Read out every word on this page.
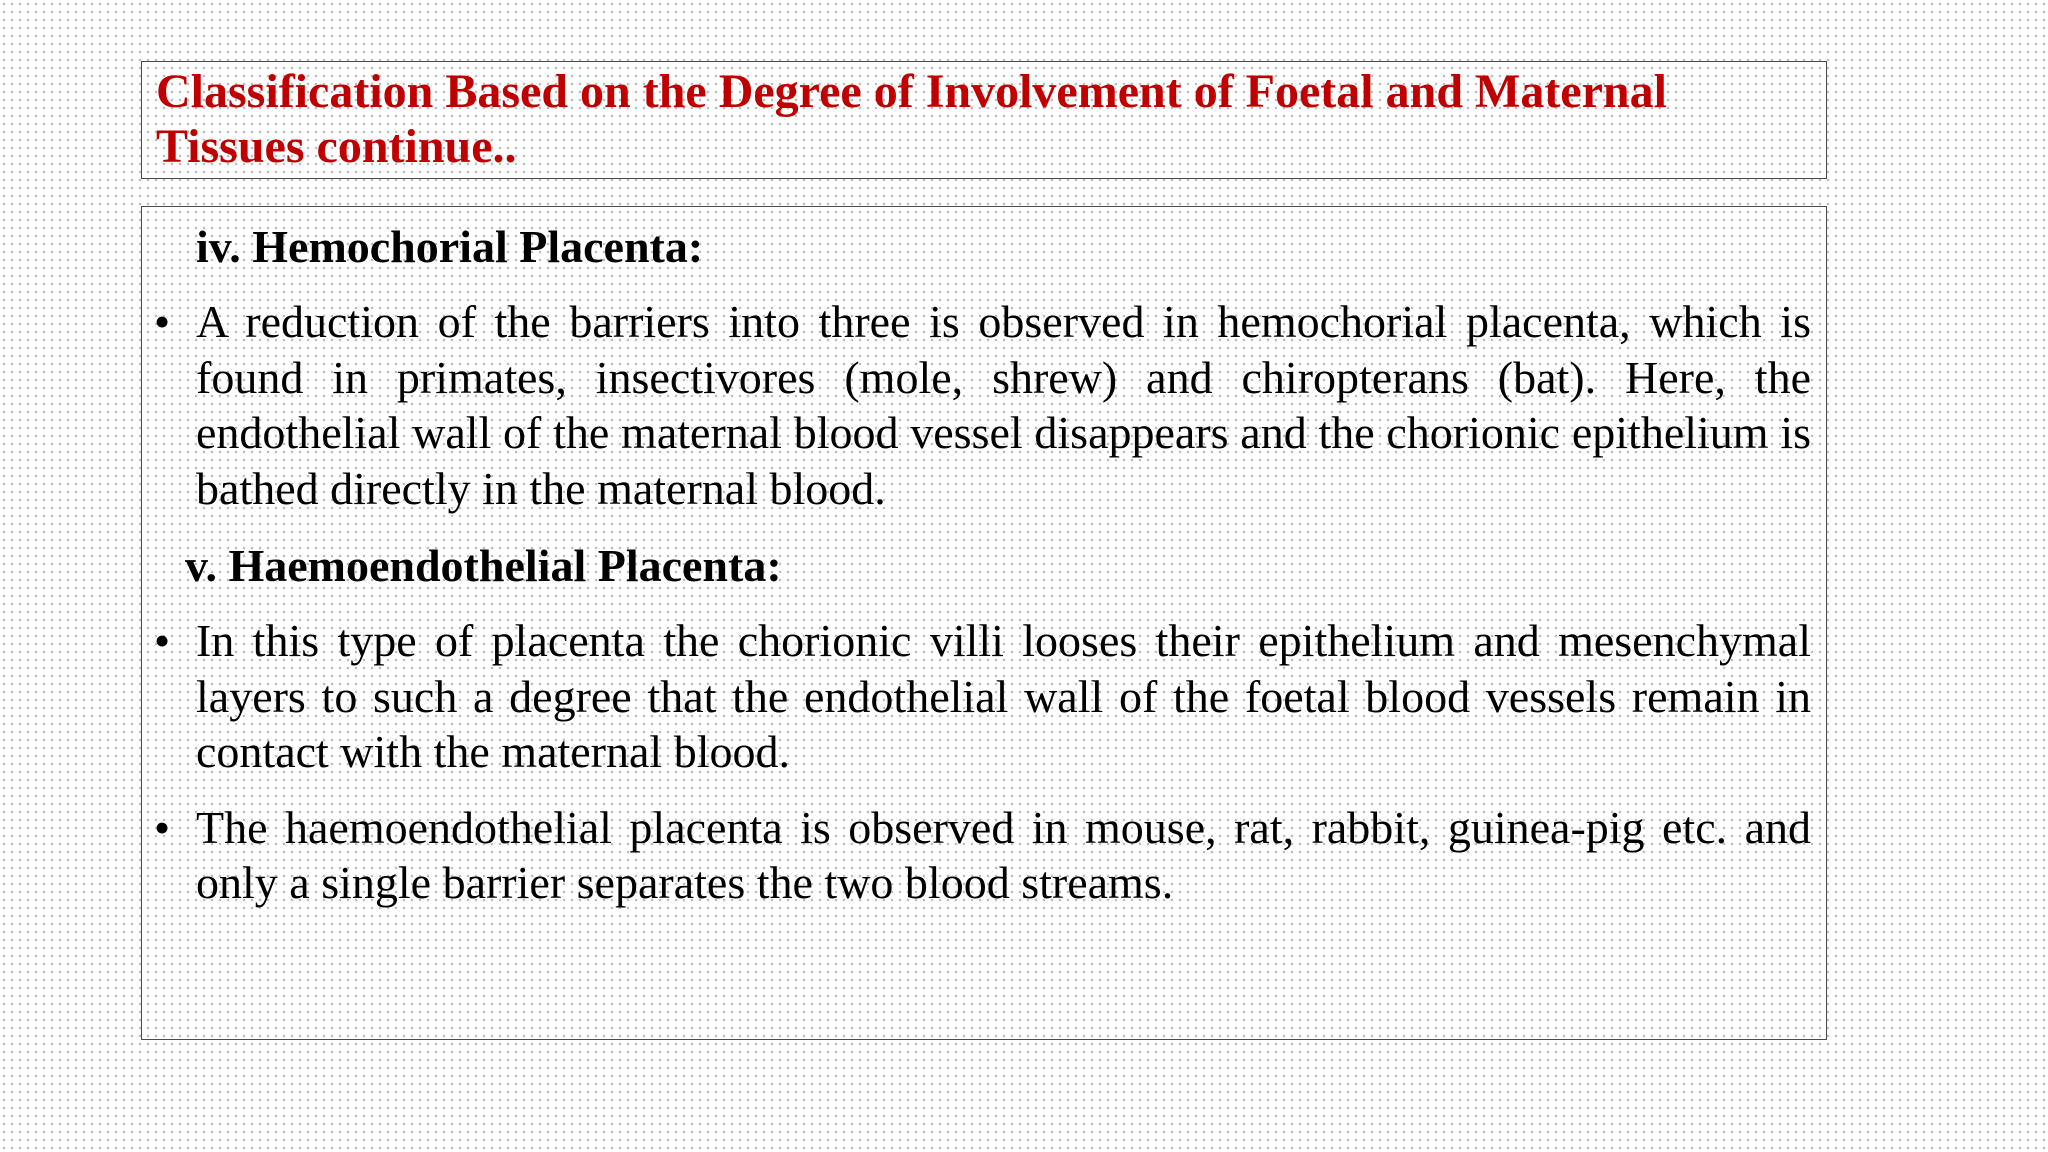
Classification Based on the Degree of Involvement of Foetal and Maternal Tissues continue..

iv. Hemochorial Placenta:

• A reduction of the barriers into three is observed in hemochorial placenta, which is found in primates, insectivores (mole, shrew) and chiropterans (bat). Here, the endothelial wall of the maternal blood vessel disappears and the chorionic epithelium is bathed directly in the maternal blood.

v. Haemoendothelial Placenta:

• In this type of placenta the chorionic villi looses their epithelium and mesenchymal layers to such a degree that the endothelial wall of the foetal blood vessels remain in contact with the maternal blood.

• The haemoendothelial placenta is observed in mouse, rat, rabbit, guinea-pig etc. and only a single barrier separates the two blood streams.
